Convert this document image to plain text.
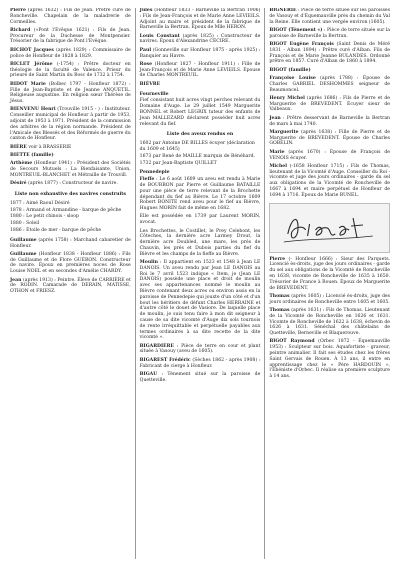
Pierre (après 1632) : Fils de Jean. Prêtre curé de Roncheville. Chapelain de la maladrerie de Cormeilles.
Richard («Pont l'Evêque 1621) : Fils de Jean. Procureur de la Duchesse de Montpensier. Trésorier de la fabrique de Pont l'Evêque.
BICHOT Jacques (après 1829) : Commissaire de police de Honfleur de 1828 à 1829.
BICLET Jérôme (-1754) : Prêtre docteur en théologie de la faculté de Valence. Prieur du prieuré de Saint Martin du Bosc de 1732 à 1754.
BIDOT Marie (Bolbec 1797 - Honfleur 1872) : Fille de Jean-Baptiste et de Jeanne ANQUETIL. Religieuse augustine. En religion sœur Thérèse de Jésus.
BIENVENU Henri (Trouville 1915 - ) : Instituteur. Conseiller municipal de Honfleur à partir de 1953, adjoint de 1953 à 1971. Président de la commission des arbitres de la région normande. Président de l'Amicale des Blessés et des Réformés de guerre du canton de Honfleur.
BIÈRE voir à BRASSERIE
BIETTE (famille)
Arthème (Honfleur 1941) : Président des Sociétés de Secours Mutuels : La Bienfaisante, Union, MONTREUIL-BLANCHET et Métraille de Trouvill.
Désiré (après 1877) : Constructeur de navire.
Liste non exhaustive des navires construits
1877 : Aimé Raoul Désiré
1878 : Armand et Armandine - barque de pêche
1880 : Le petit chinois - sloop
1880 : Soleil
1886 : Étoile de mer - barque de pêche
Guillaume (après 1758) : Marchand cabaretier de Honfleur.
Guillaume (Honfleur 1838 - Honfleur 1886) : Fils de Guillaume et de Flore GUÉRON. Constructeur de navire. Époux en premières noces de Rose Louise NOEL et en secondes d'Amélie CHARDY.
Jean (après 1913) : Peintre. Élève de CARRIÈRE et de RODIN. Camarade de DERAIN, MATISSE, OTHON et FRIESZ.
Jules (Honfleur 1833 - Barneville la Bertran 1906) : Fils de Jean-François et de Marie Anne LEVIEILS. Adjoint au maire et président de la fabrique de Barneville la Bertran. Époux de Mlle HERON.
Louis Constant (après 1825) : Constructeur de navires. Époux d'Alexandrine CÉCIRE.
Paul (Gonneville sur Honfleur 1875 - après 1925) : Banquier au Havre.
Rose (Honfleur 1827 - Honfleur 1911) : Fille de Jean-François et de Marie Anne LEVIEILS. Épouse de Charles MONTREUIL.
BIÈVRE
Fourneville
Fief consistant huit acres vingt perches relevant du Domaine d'Auge. Le 29 juillet 1549 Marguerite BONNEL et Robert LEGRIX tuteur des enfants de Jean MALLEZARD déclarent posséder huit acres relevant du fief.
Liste des aveux rendus en
1602 par Antoine DE BILLES écuyer (déclaration du 1609 et 1645)
1673 par René de MAILLE marquis de Bénéhard.
1732 par Jean-Baptiste QUILLET
Pennedepie
Fieffe : Le 6 août 1609 un aveu est rendu à Marie de BOURBON par Pierre et Guillaume BATAILLE pour une pièce de terre relevant de la Brochette dépendant du fief au Bièvre. Le 17 octobre 1609 Robert BONITE rend aveu pour le fief au Bièvre, Hugues MORIN fait de même en 1682.
Elle est possédée en 1739 par Laurent MORIN, avocat.
Les Brochettes, le Costillet, le Prey Celebont, les Côteches, la dernière acre Larmey Drout, la dernière acre Doubled, une mare, les prés de Chauvin, les prés et Dubois parties du fief du Bièvre et les champs de la fieffe au Bièvre.
Moulin : Il appartient en 1523 et 1548 à Jean LE DANOIS. Un aveu rendu par Jean LE DANOIS au Roi le 7 avril 1523 indique « Item, je (Jean LE DANOIS) possède une place et droit de moulin avec ses appartenances nommé le moulin au Bièvre contenant deux acres ou environ assis en la paroisse de Pennedepie qui jouxte d'un côté et d'un bout les héritiers de défunt Charles HERRAINE et d'autre côté le douet de Vasiore. De laquelle place de moulin, je suis tenu faire à mon dit seigneur à cause de sa dite vicomté d'Auge dix sols tournois de rente irréquittable et perpétuelle payables aux termes ordinaires à sa dite recette de la dite vicomté ».
BIGARDIÈRE : Pièce de terre en cour et plant située à Vasouy (aveu de 1605).
BIGAREST Frédéric (Sèches 1862 - après 1908) : Fabricant de cierge à Honfleur.
BIGAU : Tènement situé sur la paroisse de Quetteville.
BIGNERIE : Pièce de terre située sur les paroisses de Vasouy et d'Équemauville près du chemin du Val la Reine. Elle contient une vergée environ (1605).
BIGOT (Ténement «) : Pièce de terre située sur la paroisse de Barneville la Bertran.
BIGOT Eugène François (Saint Denis de Méré 1831 - Alban 1894) : Prêtre curé d'Alban. Fils de François et de Marie Jeanne BULANDES. Ordonné prêtre en 1857. Curé d'Alban de 1860 à 1894.
BIGOT (famille)
Françoise Louise (après 1788) : Épouse de Charles GABRIEL DESHOMMES seigneur de Beaumoncel.
Henry Michel (après 1686) : Fils de Pierre et de Marguerite de BREVEDENT. Écuyer sieur de Valbeaux.
Jean : Prêtre desservant de Barneville la Bertran de mars à mai 1740.
Marguerite (après 1638) : Fille de Pierre et de Marguerite de BREVEDENT. Épouse de Charles GOBELIN.
Marie (après 1670) : Épouse de François de VENOIS écuyer.
Michel (-1658 Honfleur 1715) : Fils de Thomas, lieutenant de la Vicomté d'Auge. Conseiller du Roi - vicomte et juge des jours ordinaires - garde du sel aux obligations de la Vicomté de Roncheville de 1667 à 1694 et maire perpétuel de Honfleur de 1694 à 1716. Époux de Marie BUNEL.
Pierre (- Honfleur 1666) : Sieur des Parquets. Licencié ès-droits, juge des jours ordinaires - garde du sel aux obligations de la Vicomté de Roncheville en 1638, vicomte de Roncheville de 1635 à 1650. Trésorier de France à Rouen. Époux de Marguerite de BREVEDENT.
Thomas (après 1605) : Licencié ès-droits, juge des jours ordinaires de Roncheville entre 1605 et 1605.
Thomas (après 1631) : Fils de Thomas. Lieutenant de la Vicomté de Roncheville en 1626 et 1631. Vicomte de Roncheville de 1622 à 1638, échevin de 1626 à 1631. Sénéchal des châtelains de Quetteville, Berneville et Blaquerouve.
BIGOT Raymond (Orbec 1872 - Équemauville 1953) : Sculpteur sur bois. Aquafortiste - graveur, peintre animalier. Il fait ses études chez les frères Saint Gervais de Rouen. À 13 ans, il entre en apprentissage chez le « Père HARDOUIN », l'Ébéniste d'Orbec. Il réalise sa première sculpture à 14 ans.
